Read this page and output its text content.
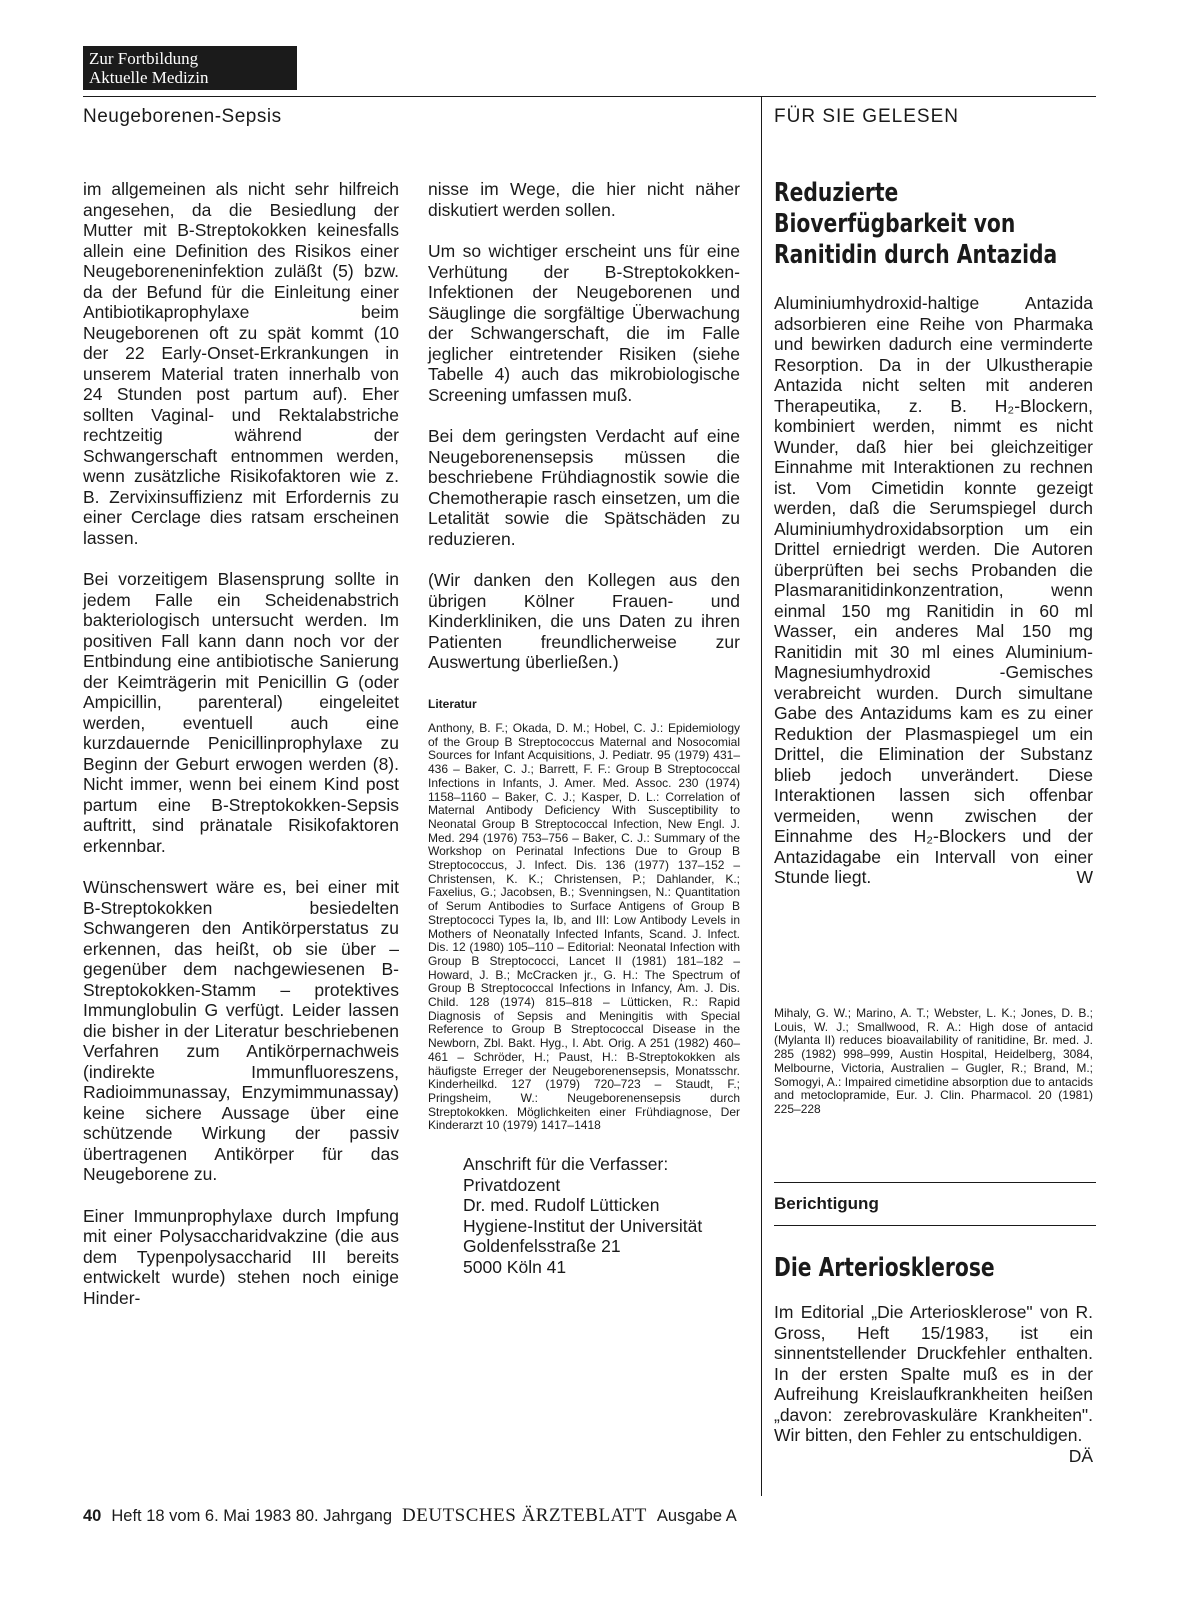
Zur Fortbildung
Aktuelle Medizin
Neugeborenen-Sepsis	FÜR SIE GELESEN

im allgemeinen als nicht sehr hilfreich angesehen, da die Besiedlung der Mutter mit B-Streptokokken keinesfalls allein eine Definition des Risikos einer Neugeboreneninfektion zuläßt (5) bzw. da der Befund für die Einleitung einer Antibiotikaprophylaxe beim Neugeborenen oft zu spät kommt (10 der 22 Early-Onset-Erkrankungen in unserem Material traten innerhalb von 24 Stunden post partum auf). Eher sollten Vaginal- und Rektalabstriche rechtzeitig während der Schwangerschaft entnommen werden, wenn zusätzliche Risikofaktoren wie z. B. Zervixinsuffizienz mit Erfordernis zu einer Cerclage dies ratsam erscheinen lassen.

Bei vorzeitigem Blasensprung sollte in jedem Falle ein Scheidenabstrich bakteriologisch untersucht werden. Im positiven Fall kann dann noch vor der Entbindung eine antibiotische Sanierung der Keimträgerin mit Penicillin G (oder Ampicillin, parenteral) eingeleitet werden, eventuell auch eine kurzdauernde Penicillinprophylaxe zu Beginn der Geburt erwogen werden (8). Nicht immer, wenn bei einem Kind post partum eine B-Streptokokken-Sepsis auftritt, sind pränatale Risikofaktoren erkennbar.

Wünschenswert wäre es, bei einer mit B-Streptokokken besiedelten Schwangeren den Antikörperstatus zu erkennen, das heißt, ob sie über – gegenüber dem nachgewiesenen B-Streptokokken-Stamm – protektives Immunglobulin G verfügt. Leider lassen die bisher in der Literatur beschriebenen Verfahren zum Antikörpernachweis (indirekte Immunfluoreszens, Radioimmunassay, Enzymimmunassay) keine sichere Aussage über eine schützende Wirkung der passiv übertragenen Antikörper für das Neugeborene zu.

Einer Immunprophylaxe durch Impfung mit einer Polysaccharidvakzine (die aus dem Typenpolysaccharid III bereits entwickelt wurde) stehen noch einige Hinder-

nisse im Wege, die hier nicht näher diskutiert werden sollen.

Um so wichtiger erscheint uns für eine Verhütung der B-Streptokokken-Infektionen der Neugeborenen und Säuglinge die sorgfältige Überwachung der Schwangerschaft, die im Falle jeglicher eintretender Risiken (siehe Tabelle 4) auch das mikrobiologische Screening umfassen muß.

Bei dem geringsten Verdacht auf eine Neugeborenensepsis müssen die beschriebene Frühdiagnostik sowie die Chemotherapie rasch einsetzen, um die Letalität sowie die Spätschäden zu reduzieren.

(Wir danken den Kollegen aus den übrigen Kölner Frauen- und Kinderkliniken, die uns Daten zu ihren Patienten freundlicherweise zur Auswertung überließen.)

Literatur

Anthony, B. F.; Okada, D. M.; Hobel, C. J.: Epidemiology of the Group B Streptococcus Maternal and Nosocomial Sources for Infant Acquisitions, J. Pediatr. 95 (1979) 431–436 – Baker, C. J.; Barrett, F. F.: Group B Streptococcal Infections in Infants, J. Amer. Med. Assoc. 230 (1974) 1158–1160 – Baker, C. J.; Kasper, D. L.: Correlation of Maternal Antibody Deficiency With Susceptibility to Neonatal Group B Streptococcal Infection, New Engl. J. Med. 294 (1976) 753–756 – Baker, C. J.: Summary of the Workshop on Perinatal Infections Due to Group B Streptococcus, J. Infect. Dis. 136 (1977) 137–152 – Christensen, K. K.; Christensen, P.; Dahlander, K.; Faxelius, G.; Jacobsen, B.; Svenningsen, N.: Quantitation of Serum Antibodies to Surface Antigens of Group B Streptococci Types Ia, Ib, and III: Low Antibody Levels in Mothers of Neonatally Infected Infants, Scand. J. Infect. Dis. 12 (1980) 105–110 – Editorial: Neonatal Infection with Group B Streptococci, Lancet II (1981) 181–182 – Howard, J. B.; McCracken jr., G. H.: The Spectrum of Group B Streptococcal Infections in Infancy, Am. J. Dis. Child. 128 (1974) 815–818 – Lütticken, R.: Rapid Diagnosis of Sepsis and Meningitis with Special Reference to Group B Streptococcal Disease in the Newborn, Zbl. Bakt. Hyg., I. Abt. Orig. A 251 (1982) 460–461 – Schröder, H.; Paust, H.: B-Streptokokken als häufigste Erreger der Neugeborenensepsis, Monatsschr. Kinderheilkd. 127 (1979) 720–723 – Staudt, F.; Pringsheim, W.: Neugeborenensepsis durch Streptokokken. Möglichkeiten einer Frühdiagnose, Der Kinderarzt 10 (1979) 1417–1418

Anschrift für die Verfasser:
Privatdozent
Dr. med. Rudolf Lütticken
Hygiene-Institut der Universität
Goldenfelsstraße 21
5000 Köln 41
Reduzierte
Bioverfügbarkeit von
Ranitidin durch Antazida
Aluminiumhydroxid-haltige Antazida adsorbieren eine Reihe von Pharmaka und bewirken dadurch eine verminderte Resorption. Da in der Ulkustherapie Antazida nicht selten mit anderen Therapeutika, z. B. H₂-Blockern, kombiniert werden, nimmt es nicht Wunder, daß hier bei gleichzeitiger Einnahme mit Interaktionen zu rechnen ist. Vom Cimetidin konnte gezeigt werden, daß die Serumspiegel durch Aluminiumhydroxidabsorption um ein Drittel erniedrigt werden. Die Autoren überprüften bei sechs Probanden die Plasmaranitidinkonzentration, wenn einmal 150 mg Ranitidin in 60 ml Wasser, ein anderes Mal 150 mg Ranitidin mit 30 ml eines Aluminium-Magnesiumhydroxid -Gemisches verabreicht wurden. Durch simultane Gabe des Antazidums kam es zu einer Reduktion der Plasmaspiegel um ein Drittel, die Elimination der Substanz blieb jedoch unverändert. Diese Interaktionen lassen sich offenbar vermeiden, wenn zwischen der Einnahme des H₂-Blockers und der Antazidagabe ein Intervall von einer Stunde liegt.	W
Mihaly, G. W.; Marino, A. T.; Webster, L. K.; Jones, D. B.; Louis, W. J.; Smallwood, R. A.: High dose of antacid (Mylanta II) reduces bioavailability of ranitidine, Br. med. J. 285 (1982) 998–999, Austin Hospital, Heidelberg, 3084, Melbourne, Victoria, Australien – Gugler, R.; Brand, M.; Somogyi, A.: Impaired cimetidine absorption due to antacids and metoclopramide, Eur. J. Clin. Pharmacol. 20 (1981) 225–228
Berichtigung
Die Arteriosklerose
Im Editorial „Die Arteriosklerose" von R. Gross, Heft 15/1983, ist ein sinnentstellender Druckfehler enthalten. In der ersten Spalte muß es in der Aufreihung Kreislaufkrankheiten heißen „davon: zerebrovaskuläre Krankheiten". Wir bitten, den Fehler zu entschuldigen.
DÄ
40 Heft 18 vom 6. Mai 1983 80. Jahrgang DEUTSCHES ÄRZTEBLATT Ausgabe A
